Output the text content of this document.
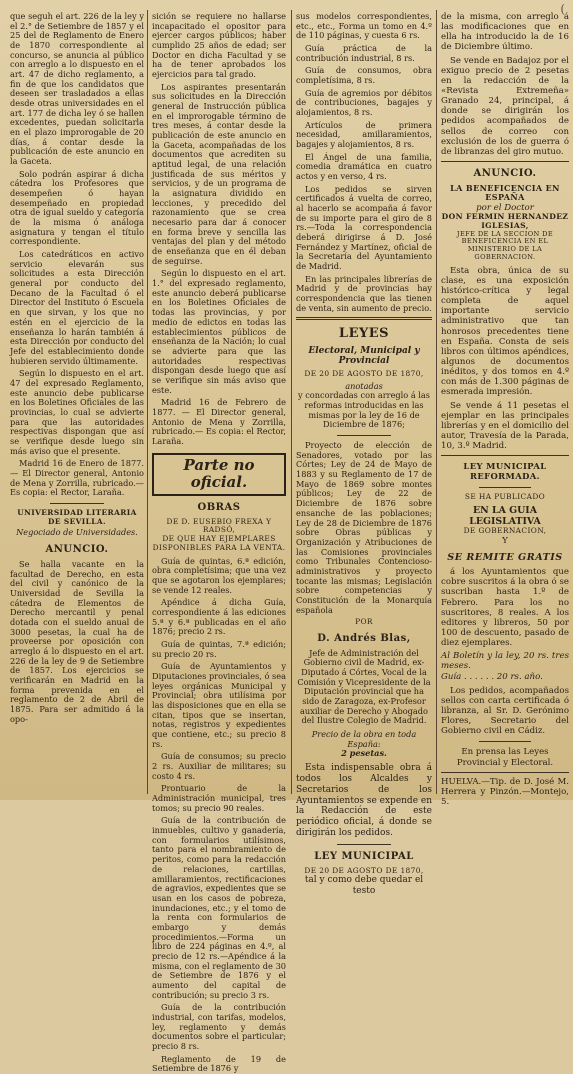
(

que seguh el art. 226 de la ley y el 2.° de Setiembre de 1857 y el 25 del de Reglamento de Enero de 1870 correspondiente al concurso, se anuncia al público con arreglo a lo dispuesto en el art. 47 de dicho reglamento, a fin de que los candidatos que deseen ser trasladados a ellas desde otras universidades en el art. 177 de dicha ley ó se hallen excedentes, puedan solicitarla en el plazo improrogable de 20 días, á contar desde la publicación de este anuncio en la Gaceta.

Solo podrán aspirar á dicha cátedra los Profesores que desempeñen ó hayan desempeñado en propiedad otra de igual sueldo y categoría de la misma ó análoga asignatura y tengan el título correspondiente.

Los catedráticos en activo servicio elevarán sus solicitudes a esta Dirección general por conducto del Decano de la Facultad ó el Director del Instituto ó Escuela en que sirvan, y los que no estén en el ejercicio de la enseñanza lo harán también á esta Dirección por conducto del Jefe del establecimiento donde hubieren servido últimamente.

Según lo dispuesto en el art. 47 del expresado Reglamento, este anuncio debe publicarse en los Boletines Oficiales de las provincias, lo cual se advierte para que las autoridades respectivas dispongan que así se verifique desde luego sin más aviso que el presente.

Madrid 16 de Enero de 1877.— El Director general, Antonio de Mena y Zorrilla, rubricado.— Es copia: el Rector, Laraña.

UNIVERSIDAD LITERARIA DE SEVILLA.
Negociado de Universidades.
ANUNCIO.

Se halla vacante en la facultad de Derecho, en esta del civil y canónico de la Universidad de Sevilla la cátedra de Elementos de Derecho mercantil y penal dotada con el sueldo anual de 3000 pesetas, la cual ha de proveerse por oposición con arreglo á lo dispuesto en el art. 226 de la ley de 9 de Setiembre de 1857. Los ejercicios se verificarán en Madrid en la forma prevenida en el reglamento de 2 de Abril de 1875. Para ser admitido á la opo-

sición se requiere no hallarse incapacitado el opositor para ejercer cargos públicos; haber cumplido 25 años de edad; ser Doctor en dicha Facultad y se ha de tener aprobados los ejercicios para tal grado.

Los aspirantes presentarán sus solicitudes en la Dirección general de Instrucción pública en el improrogable término de tres meses, á contar desde la publicación de este anuncio en la Gaceta, acompañadas de los documentos que acrediten su aptitud legal, de una relación justificada de sus méritos y servicios, y de un programa de la asignatura dividido en lecciones, y precedido del razonamiento que se crea necesario para dar á conocer en forma breve y sencilla las ventajas del plan y del método de enseñanza que en él deban de seguirse.

Según lo dispuesto en el art. 1.° del expresado reglamento, este anuncio deberá publicarse en los Boletines Oficiales de todas las provincias, y por medio de edictos en todas las establecimientos públicos de enseñanza de la Nación; lo cual se advierte para que las autoridades respectivas dispongan desde luego que así se verifique sin más aviso que este.

Madrid 16 de Febrero de 1877. — El Director general, Antonio de Mena y Zorrilla, rubricado.— Es copia: el Rector, Laraña.

Parte no oficial.
OBRAS
DE D. EUSEBIO FREXA Y RADSÓ,
DE QUE HAY EJEMPLARES DISPONIBLES PARA LA VENTA.

Guía de quintas, 6.ª edición, obra completísima; que una vez que se agotaron los ejemplares; se vende 12 reales.

Apéndice á dicha Guía, correspondiente á las ediciones 5.ª y 6.ª publicadas en el año 1876; precio 2 rs.

Guía de quintas, 7.ª edición; su precio 20 rs.

Guía de Ayuntamientos y Diputaciones provinciales, ó sea leyes orgánicas Municipal y Provincial; obra utilísima por las disposiciones que en ella se citan, tipos que se insertan, notas, registros y expedientes que contiene, etc.; su precio 8 rs.

Guía de consumos; su precio 2 rs. Auxiliar de militares; su costo 4 rs.

Prontuario de la Administración municipal, tres tomos; su precio 90 reales.

Guía de la contribución de inmuebles, cultivo y ganadería, con formularios utilísimos, tanto para el nombramiento de peritos, como para la redacción de relaciones, cartillas, amillaramientos, rectificaciones de agravios, expedientes que se usan en los casos de pobreza, inundaciones, etc.; y el tomo de la renta con formularios de embargo y demás procedimientos.—Forma un libro de 224 páginas en 4.º, al precio de 12 rs.—Apéndice á la misma, con el reglamento de 30 de Setiembre de 1876 y el aumento del capital de contribución; su precio 3 rs.

Guía de la contribución industrial, con tarifas, modelos, ley, reglamento y demás documentos sobre el particular; precio 8 rs.

Reglamento de 19 de Setiembre de 1876 y

sus modelos correspondientes, etc., etc., Forma un tomo en 4.º de 110 páginas, y cuesta 6 rs.

Guía práctica de la contribución industrial, 8 rs.

Guía de consumos, obra completísima, 8 rs.

Guía de agremios por débitos de contribuciones, bagajes y alojamientos, 8 rs.

Artículos de primera necesidad, amillaramientos, bagajes y alojamientos, 8 rs.

El Ángel de una familia, comedia dramática en cuatro actos y en verso, 4 rs.

Los pedidos se sirven certificados á vuelta de correo, al hacerlo se acompaña á favor de su importe para el giro de 8 rs.—Toda la correspondencia deberá dirigirse á D. José Fernández y Martínez, oficial de la Secretaría del Ayuntamiento de Madrid.

En las principales librerías de Madrid y de provincias hay correspondencia que las tienen de venta, sin aumento de precio.

LEYES
Electoral, Municipal y Provincial
DE 20 DE AGOSTO DE 1870,
anotadas

y concordadas con arreglo á las reformas introducidas en las mismas por la ley de 16 de Diciembre de 1876;

Proyecto de elección de Senadores, votado por las Córtes; Ley de 24 de Mayo de 1883 y su Reglamento de 17 de Mayo de 1869 sobre montes públicos; Ley de 22 de Diciembre de 1876 sobre ensanche de las poblaciones; Ley de 28 de Diciembre de 1876 sobre Obras públicas y Organización y Atribuciones de las Comisiones provinciales como Tribunales Contencioso-administrativos y proyecto tocante las mismas; Legislación sobre competencias y Constitución de la Monarquía española

POR
D. Andrés Blas,

Jefe de Administración del Gobierno civil de Madrid, ex-Diputado á Córtes, Vocal de la Comisión y Vicepresidente de la Diputación provincial que ha sido de Zaragoza, ex-Profesor auxiliar de Derecho y Abogado del Ilustre Colegio de Madrid.

Precio de la obra en toda España:
2 pesetas.

Esta indispensable obra á todos los Alcaldes y Secretarios de los Ayuntamientos se expende en la Redacción de este periódico oficial, á donde se dirigirán los pedidos.

LEY MUNICIPAL
DE 20 DE AGOSTO DE 1870,
tal y como debe quedar el testo

de la misma, con arreglo á las modificaciones que en ella ha introducido la de 16 de Diciembre último.

Se vende en Badajoz por el exiguo precio de 2 pesetas en la redacción de la «Revista Extremeña» Granado 24, principal, á donde se dirigirán los pedidos acompañados de sellos de correo con exclusión de los de guerra ó de libranzas del giro mutuo.

ANUNCIO.
LA BENEFICENCIA EN ESPAÑA
por el Doctor
DON FERMIN HERNANDEZ IGLESIAS,
JEFE DE LA SECCION DE BENEFICENCIA EN EL MINISTERIO DE LA GOBERNACION.

Esta obra, única de su clase, es una exposición histórico-crítica y legal completa de aquel importante servicio administrativo que tan honrosos precedentes tiene en España. Consta de seis libros con últimos apéndices, algunos de documentos inéditos, y dos tomos en 4.º con más de 1.300 páginas de esmerada impresión.

Se vende á 11 pesetas el ejemplar en las principales librerías y en el domicilio del autor, Travesía de la Parada, 10, 3.º Madrid.

LEY MUNICIPAL REFORMADA.
SE HA PUBLICADO
EN LA GUIA LEGISLATIVA
DE GOBERNACION,
Y
SE REMITE GRATIS

á los Ayuntamientos que cobre suscritos á la obra ó se suscriban hasta 1.º de Febrero. Para los no suscritores, 8 reales. A los editores y libreros, 50 por 100 de descuento, pasado de diez ejemplares.

Al Boletín y la ley, 20 rs. tres meses.
Guía . . . . . . 20 rs. año.

Los pedidos, acompañados sellos con carta certificada ó libranza, al Sr. D. Gerónimo Flores, Secretario del Gobierno civil en Cádiz.

En prensa las Leyes Provincial y Electoral.

HUELVA.—Tip. de D. José M. Herrera y Pinzón.—Montejo, 5.
